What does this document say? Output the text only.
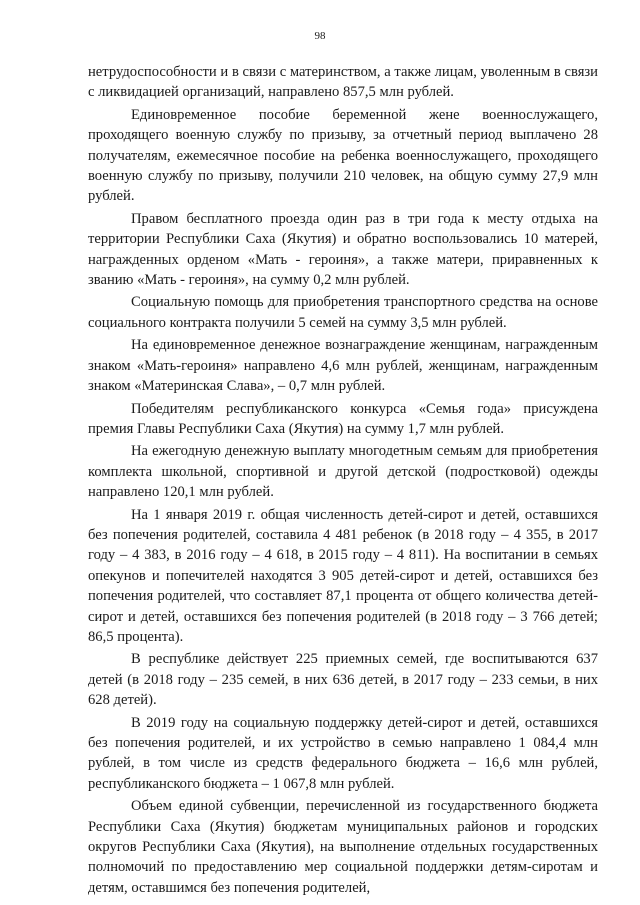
98

нетрудоспособности и в связи с материнством, а также лицам, уволенным в связи с ликвидацией организаций, направлено 857,5 млн рублей.

Единовременное пособие беременной жене военнослужащего, проходящего военную службу по призыву, за отчетный период выплачено 28 получателям, ежемесячное пособие на ребенка военнослужащего, проходящего военную службу по призыву, получили 210 человек, на общую сумму 27,9 млн рублей.

Правом бесплатного проезда один раз в три года к месту отдыха на территории Республики Саха (Якутия) и обратно воспользовались 10 матерей, награжденных орденом «Мать - героиня», а также матери, приравненных к званию «Мать - героиня», на сумму 0,2 млн рублей.

Социальную помощь для приобретения транспортного средства на основе социального контракта получили 5 семей на сумму 3,5 млн рублей.

На единовременное денежное вознаграждение женщинам, награжденным знаком «Мать-героиня» направлено 4,6 млн рублей, женщинам, награжденным знаком «Материнская Слава», – 0,7 млн рублей.

Победителям республиканского конкурса «Семья года» присуждена премия Главы Республики Саха (Якутия) на сумму 1,7 млн рублей.

На ежегодную денежную выплату многодетным семьям для приобретения комплекта школьной, спортивной и другой детской (подростковой) одежды направлено 120,1 млн рублей.

На 1 января 2019 г. общая численность детей-сирот и детей, оставшихся без попечения родителей, составила 4 481 ребенок (в 2018 году – 4 355, в 2017 году – 4 383, в 2016 году – 4 618, в 2015 году – 4 811). На воспитании в семьях опекунов и попечителей находятся 3 905 детей-сирот и детей, оставшихся без попечения родителей, что составляет 87,1 процента от общего количества детей-сирот и детей, оставшихся без попечения родителей (в 2018 году – 3 766 детей; 86,5 процента).

В республике действует 225 приемных семей, где воспитываются 637 детей (в 2018 году – 235 семей, в них 636 детей, в 2017 году – 233 семьи, в них 628 детей).

В 2019 году на социальную поддержку детей-сирот и детей, оставшихся без попечения родителей, и их устройство в семью направлено 1 084,4 млн рублей, в том числе из средств федерального бюджета – 16,6 млн рублей, республиканского бюджета – 1 067,8 млн рублей.

Объем единой субвенции, перечисленной из государственного бюджета Республики Саха (Якутия) бюджетам муниципальных районов и городских округов Республики Саха (Якутия), на выполнение отдельных государственных полномочий по предоставлению мер социальной поддержки детям-сиротам и детям, оставшимся без попечения родителей,
